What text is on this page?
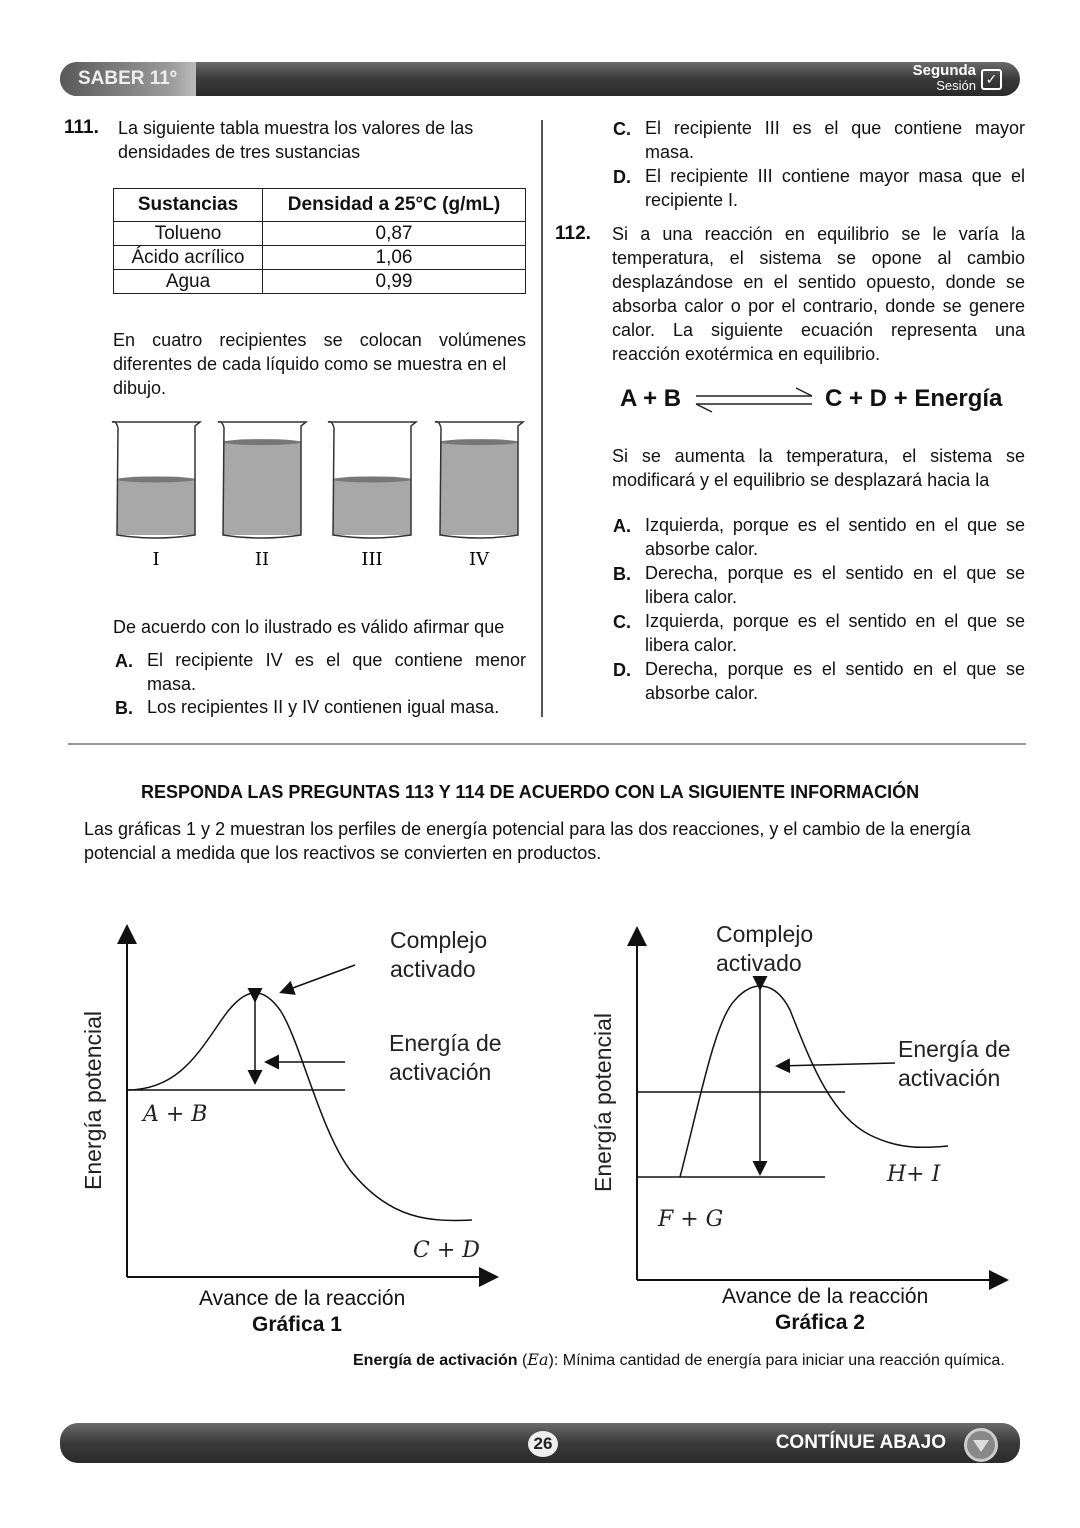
SABER 11º	Segunda
Sesión ✓
111. La siguiente tabla muestra los valores de las
densidades de tres sustancias
Sustancias	Densidad a 25°C (g/mL)
Tolueno	0,87
Ácido acrílico	1,06
Agua	0,99
En cuatro recipientes se colocan volúmenes
diferentes de cada líquido como se muestra en el
dibujo.
I	II	III	IV
De acuerdo con lo ilustrado es válido afirmar que
A. El recipiente IV es el que contiene menor
masa.
B. Los recipientes II y IV contienen igual masa.
C. El recipiente III es el que contiene mayor
masa.
D. El recipiente III contiene mayor masa que el
recipiente I.
112. Si a una reacción en equilibrio se le varía la
temperatura, el sistema se opone al cambio
desplazándose en el sentido opuesto, donde se
absorba calor o por el contrario, donde se genere
calor. La siguiente ecuación representa una
reacción exotérmica en equilibrio.
A + B	C + D + Energía
Si se aumenta la temperatura, el sistema se
modificará y el equilibrio se desplazará hacia la
A. Izquierda, porque es el sentido en el que se
absorbe calor.
B. Derecha, porque es el sentido en el que se
libera calor.
C. Izquierda, porque es el sentido en el que se
libera calor.
D. Derecha, porque es el sentido en el que se
absorbe calor.
RESPONDA LAS PREGUNTAS 113 Y 114 DE ACUERDO CON LA SIGUIENTE INFORMACIÓN
Las gráficas 1 y 2 muestran los perfiles de energía potencial para las dos reacciones, y el cambio de la energía
potencial a medida que los reactivos se convierten en productos.
Energía potencial
Complejo
activado
Energía de
activación
A + B
C + D
Avance de la reacción
Gráfica 1
Energía potencial
Complejo
activado
Energía de
activación
H+ I
F + G
Avance de la reacción
Gráfica 2
Energía de activación (Ea): Mínima cantidad de energía para iniciar una reacción química.
26	CONTÍNUE ABAJO
